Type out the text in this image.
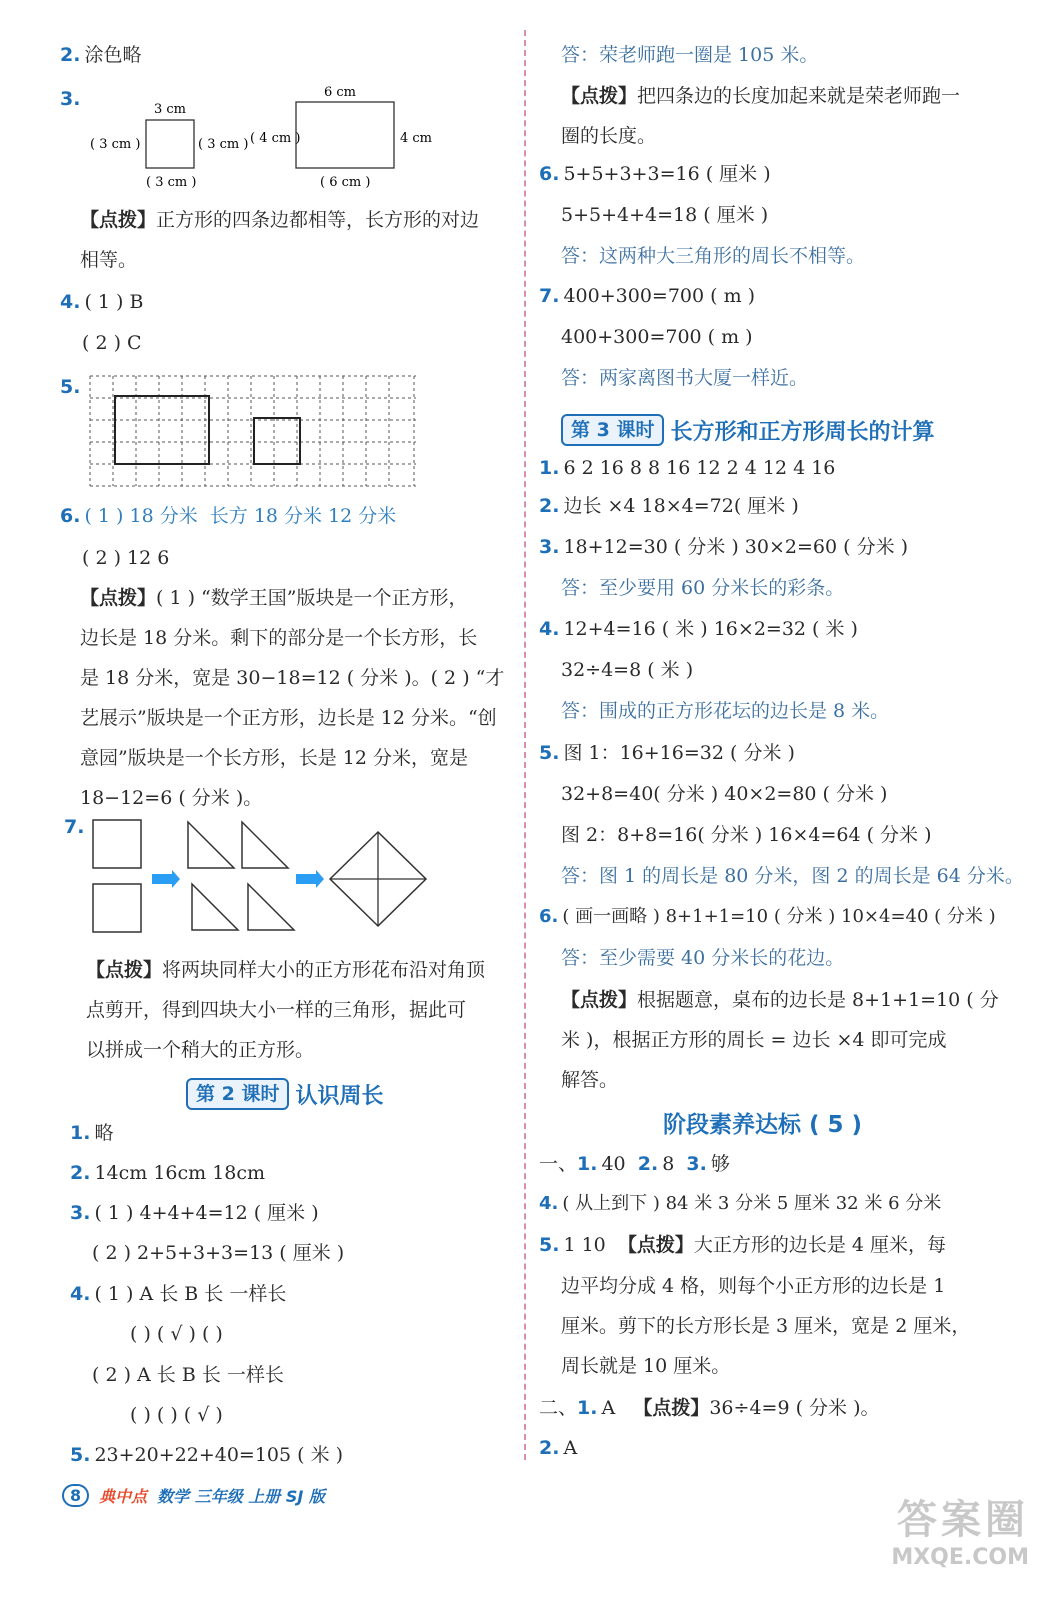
2. 涂色略
3.	3 cm
( 3 cm )	( 3 cm )
( 3 cm )
6 cm
( 4 cm )	4 cm
( 6 cm )
【点拨】正方形的四条边都相等，长方形的对边
相等。
4. ( 1 ) B
( 2 ) C
5.
6. ( 1 ) 18 分米 长方 18 分米 12 分米
( 2 ) 12 6
【点拨】( 1 ) “数学王国”版块是一个正方形，
边长是 18 分米。剩下的部分是一个长方形，长
是 18 分米，宽是 30−18=12 ( 分米 )。( 2 ) “才
艺展示”版块是一个正方形，边长是 12 分米。“创
意园”版块是一个长方形，长是 12 分米，宽是
18−12=6 ( 分米 )。
7.
【点拨】将两块同样大小的正方形花布沿对角顶
点剪开，得到四块大小一样的三角形，据此可
以拼成一个稍大的正方形。
第 2 课时 认识周长
1. 略
2. 14cm 16cm 18cm
3. ( 1 ) 4+4+4=12 ( 厘米 )
( 2 ) 2+5+3+3=13 ( 厘米 )
4. ( 1 ) A 长 B 长 一样长
( ) ( √ ) ( )
( 2 ) A 长 B 长 一样长
( ) ( ) ( √ )
5. 23+20+22+40=105 ( 米 )
答：荣老师跑一圈是 105 米。
【点拨】把四条边的长度加起来就是荣老师跑一
圈的长度。
6. 5+5+3+3=16 ( 厘米 )
5+5+4+4=18 ( 厘米 )
答：这两种大三角形的周长不相等。
7. 400+300=700 ( m )
400+300=700 ( m )
答：两家离图书大厦一样近。
第 3 课时 长方形和正方形周长的计算
1. 6 2 16 8 8 16 12 2 4 12 4 16
2. 边长 ×4 18×4=72( 厘米 )
3. 18+12=30 ( 分米 ) 30×2=60 ( 分米 )
答：至少要用 60 分米长的彩条。
4. 12+4=16 ( 米 ) 16×2=32 ( 米 )
32÷4=8 ( 米 )
答：围成的正方形花坛的边长是 8 米。
5. 图 1：16+16=32 ( 分米 )
32+8=40( 分米 ) 40×2=80 ( 分米 )
图 2：8+8=16( 分米 ) 16×4=64 ( 分米 )
答：图 1 的周长是 80 分米，图 2 的周长是 64 分米。
6. ( 画一画略 ) 8+1+1=10 ( 分米 ) 10×4=40 ( 分米 )
答：至少需要 40 分米长的花边。
【点拨】根据题意，桌布的边长是 8+1+1=10 ( 分
米 )，根据正方形的周长 = 边长 ×4 即可完成
解答。
阶段素养达标 ( 5 )
一、1. 40 2. 8 3. 够
4. ( 从上到下 ) 84 米 3 分米 5 厘米 32 米 6 分米
5. 1 10 【点拨】大正方形的边长是 4 厘米，每
边平均分成 4 格，则每个小正方形的边长是 1
厘米。剪下的长方形长是 3 厘米，宽是 2 厘米，
周长就是 10 厘米。
二、1. A 【点拨】36÷4=9 ( 分米 )。
2. A
8	典中点 数学 三年级 上册 SJ 版
答案圈
MXQE.COM
